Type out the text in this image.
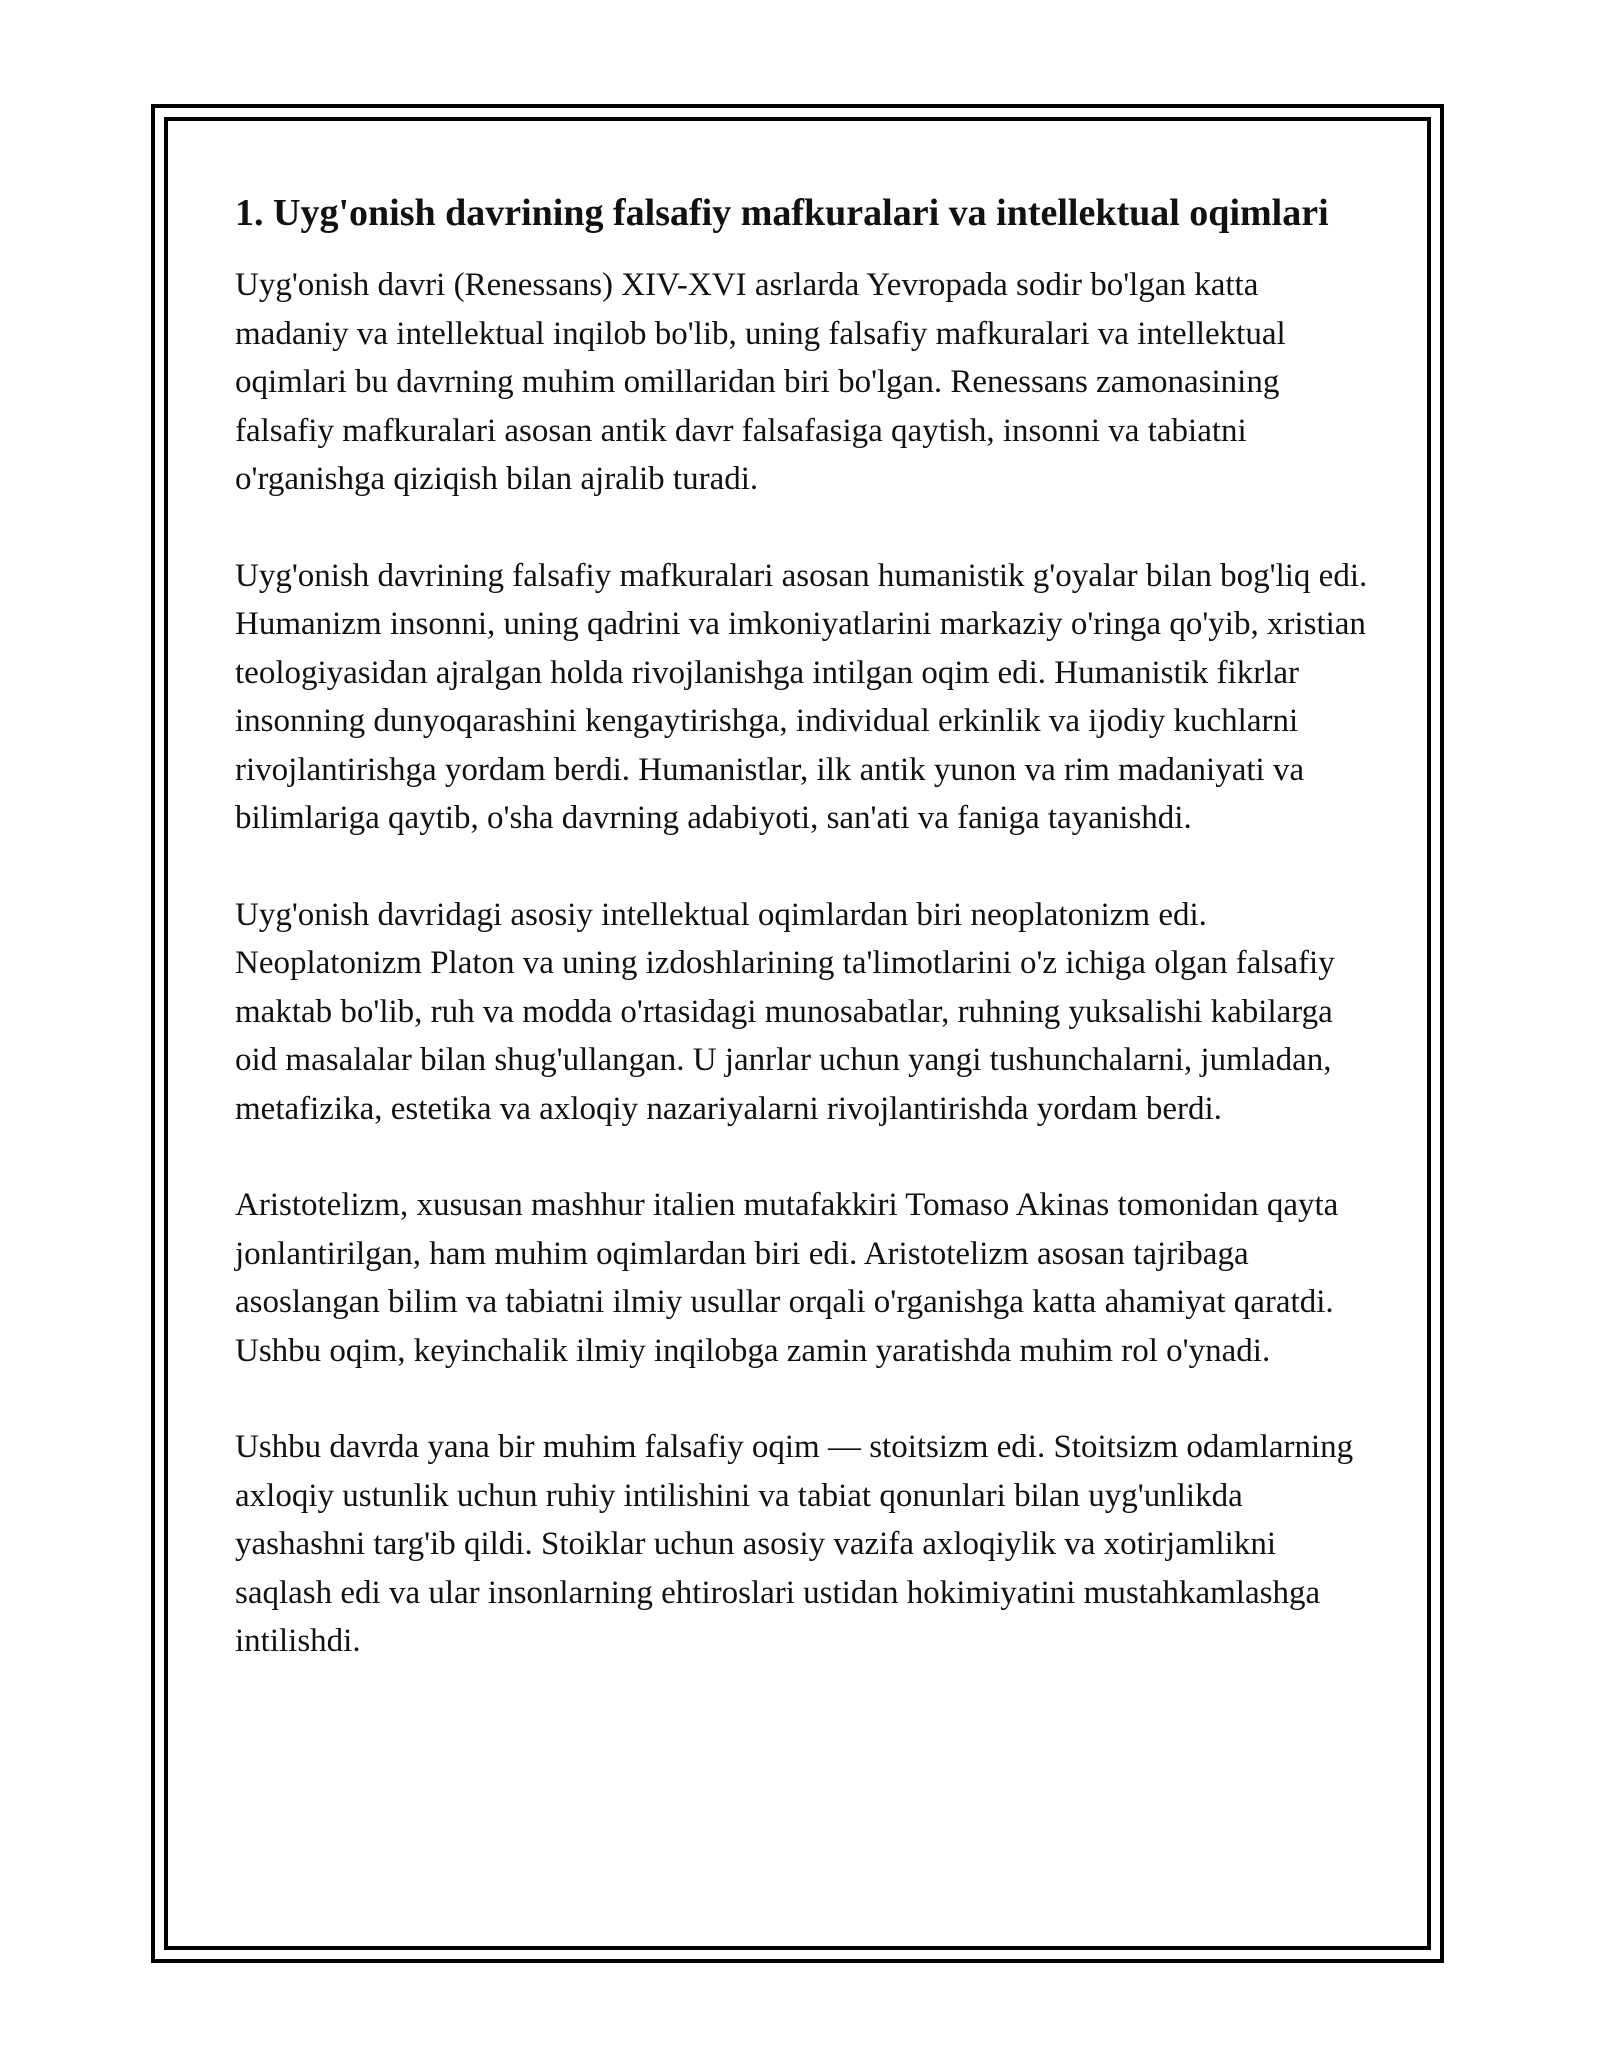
1. Uyg'onish davrining falsafiy mafkuralari va intellektual oqimlari

Uyg'onish davri (Renessans) XIV-XVI asrlarda Yevropada sodir bo'lgan katta madaniy va intellektual inqilob bo'lib, uning falsafiy mafkuralari va intellektual oqimlari bu davrning muhim omillaridan biri bo'lgan. Renessans zamonasining falsafiy mafkuralari asosan antik davr falsafasiga qaytish, insonni va tabiatni o'rganishga qiziqish bilan ajralib turadi.

Uyg'onish davrining falsafiy mafkuralari asosan humanistik g'oyalar bilan bog'liq edi. Humanizm insonni, uning qadrini va imkoniyatlarini markaziy o'ringa qo'yib, xristian teologiyasidan ajralgan holda rivojlanishga intilgan oqim edi. Humanistik fikrlar insonning dunyoqarashini kengaytirishga, individual erkinlik va ijodiy kuchlarni rivojlantirishga yordam berdi. Humanistlar, ilk antik yunon va rim madaniyati va bilimlariga qaytib, o'sha davrning adabiyoti, san'ati va faniga tayanishdi.

Uyg'onish davridagi asosiy intellektual oqimlardan biri neoplatonizm edi. Neoplatonizm Platon va uning izdoshlarining ta'limotlarini o'z ichiga olgan falsafiy maktab bo'lib, ruh va modda o'rtasidagi munosabatlar, ruhning yuksalishi kabilarga oid masalalar bilan shug'ullangan. U janrlar uchun yangi tushunchalarni, jumladan, metafizika, estetika va axloqiy nazariyalarni rivojlantirishda yordam berdi.

Aristotelizm, xususan mashhur italien mutafakkiri Tomaso Akinas tomonidan qayta jonlantirilgan, ham muhim oqimlardan biri edi. Aristotelizm asosan tajribaga asoslangan bilim va tabiatni ilmiy usullar orqali o'rganishga katta ahamiyat qaratdi. Ushbu oqim, keyinchalik ilmiy inqilobga zamin yaratishda muhim rol o'ynadi.

Ushbu davrda yana bir muhim falsafiy oqim — stoitsizm edi. Stoitsizm odamlarning axloqiy ustunlik uchun ruhiy intilishini va tabiat qonunlari bilan uyg'unlikda yashashni targ'ib qildi. Stoiklar uchun asosiy vazifa axloqiylik va xotirjamlikni saqlash edi va ular insonlarning ehtiroslari ustidan hokimiyatini mustahkamlashga intilishdi.
